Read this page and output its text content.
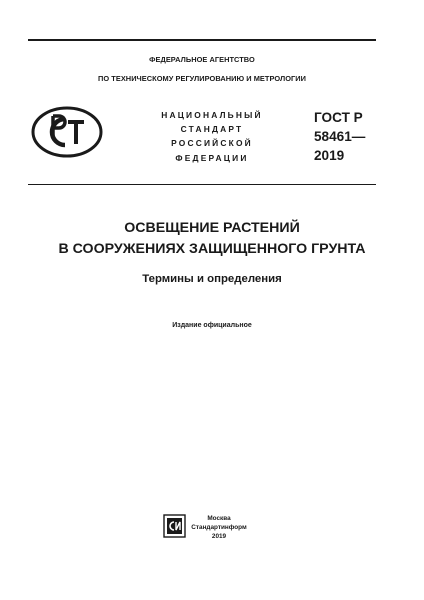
ФЕДЕРАЛЬНОЕ АГЕНТСТВО
ПО ТЕХНИЧЕСКОМУ РЕГУЛИРОВАНИЮ И МЕТРОЛОГИИ
НАЦИОНАЛЬНЫЙ
СТАНДАРТ
РОССИЙСКОЙ
ФЕДЕРАЦИИ
ГОСТ Р
58461—
2019
ОСВЕЩЕНИЕ РАСТЕНИЙ
В СООРУЖЕНИЯХ ЗАЩИЩЕННОГО ГРУНТА
Термины и определения
Издание официальное
Москва
Стандартинформ
2019
